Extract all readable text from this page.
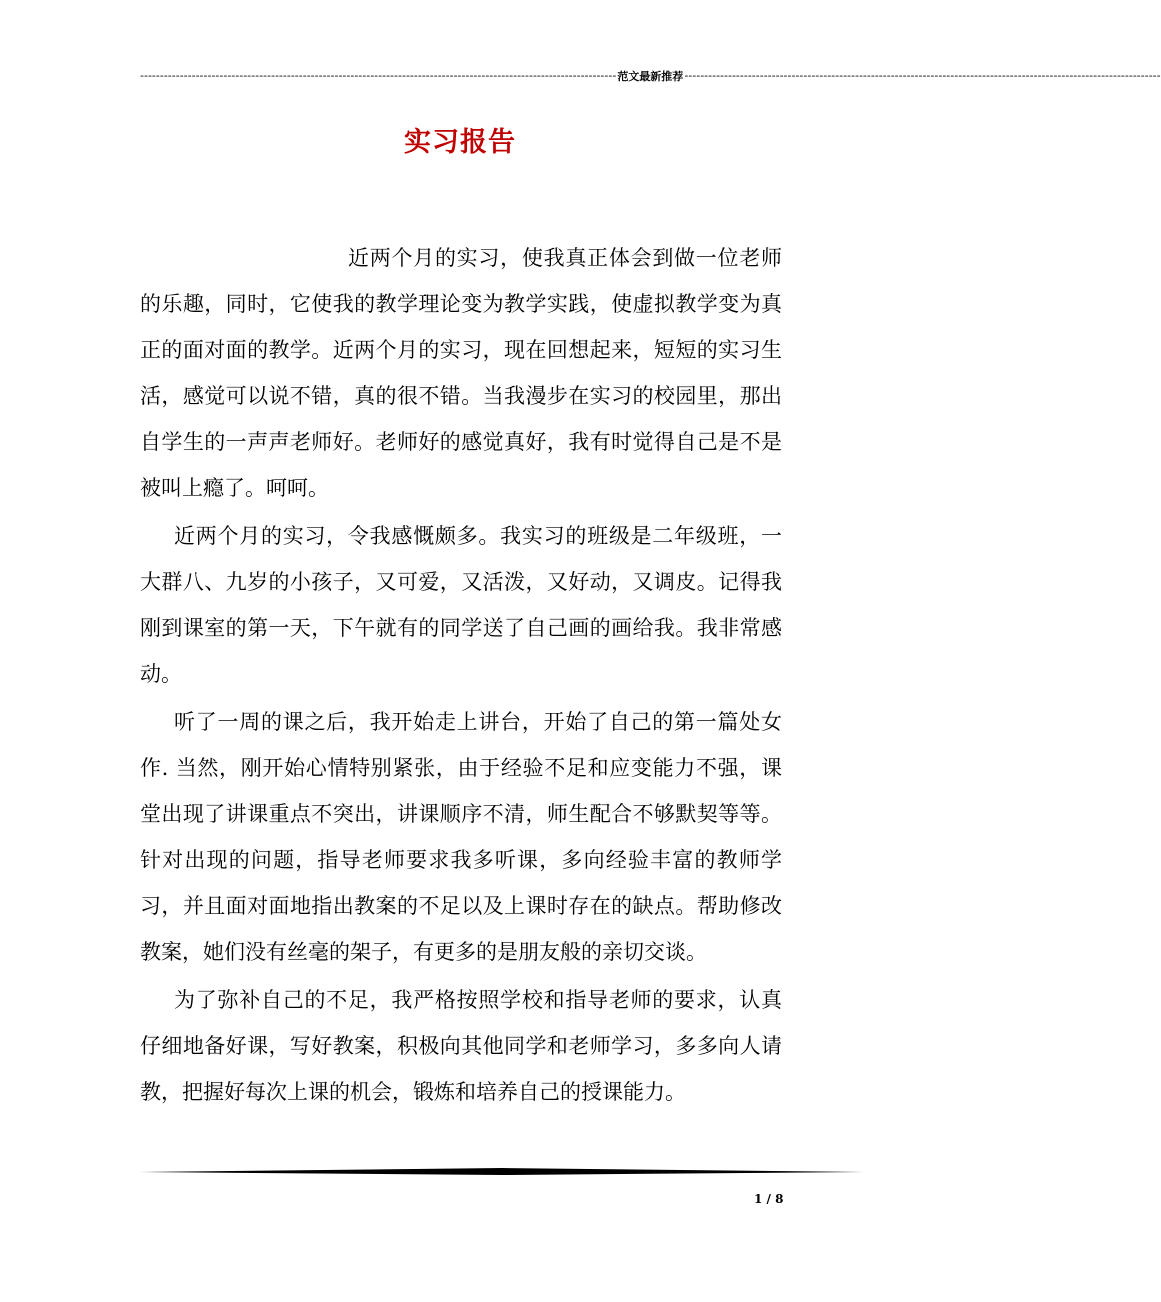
------------------------------------------------------------------------------------------------------------------------ 范文最新推荐 ------------------------------------------------------------------------------------------------------------------------
实习报告

近两个月的实习，使我真正体会到做一位老师的乐趣，同时，它使我的教学理论变为教学实践，使虚拟教学变为真正的面对面的教学。近两个月的实习，现在回想起来，短短的实习生活，感觉可以说不错，真的很不错。当我漫步在实习的校园里，那出自学生的一声声老师好。老师好的感觉真好，我有时觉得自己是不是被叫上瘾了。呵呵。

近两个月的实习，令我感慨颇多。我实习的班级是二年级班，一大群八、九岁的小孩子，又可爱，又活泼，又好动，又调皮。记得我刚到课室的第一天，下午就有的同学送了自己画的画给我。我非常感动。

听了一周的课之后，我开始走上讲台，开始了自己的第一篇处女作. 当然，刚开始心情特别紧张，由于经验不足和应变能力不强，课堂出现了讲课重点不突出，讲课顺序不清，师生配合不够默契等等。针对出现的问题，指导老师要求我多听课，多向经验丰富的教师学习，并且面对面地指出教案的不足以及上课时存在的缺点。帮助修改教案，她们没有丝毫的架子，有更多的是朋友般的亲切交谈。

为了弥补自己的不足，我严格按照学校和指导老师的要求，认真仔细地备好课，写好教案，积极向其他同学和老师学习，多多向人请教，把握好每次上课的机会，锻炼和培养自己的授课能力。

1 / 8
